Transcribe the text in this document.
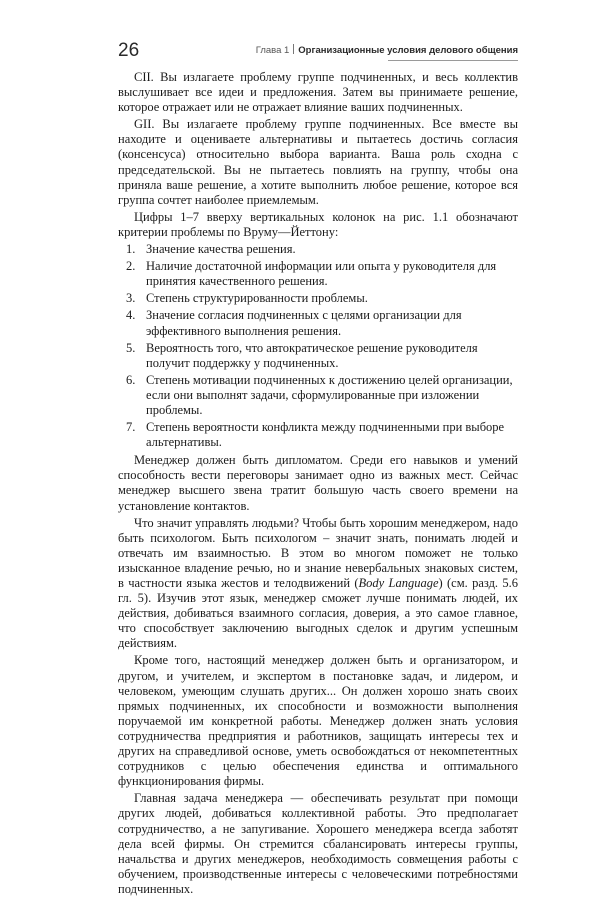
26	Глава 1 Организационные условия делового общения

CII. Вы излагаете проблему группе подчиненных, и весь коллектив выслушивает все идеи и предложения. Затем вы принимаете решение, которое отражает или не отражает влияние ваших подчиненных.

GII. Вы излагаете проблему группе подчиненных. Все вместе вы находите и оцениваете альтернативы и пытаетесь достичь согласия (консенсуса) относительно выбора варианта. Ваша роль сходна с председательской. Вы не пытаетесь повлиять на группу, чтобы она приняла ваше решение, а хотите выполнить любое решение, которое вся группа сочтет наиболее приемлемым.

Цифры 1–7 вверху вертикальных колонок на рис. 1.1 обозначают критерии проблемы по Вруму—Йеттону:

1. Значение качества решения.
2. Наличие достаточной информации или опыта у руководителя для принятия качественного решения.
3. Степень структурированности проблемы.
4. Значение согласия подчиненных с целями организации для эффективного выполнения решения.
5. Вероятность того, что автократическое решение руководителя получит поддержку у подчиненных.
6. Степень мотивации подчиненных к достижению целей организации, если они выполнят задачи, сформулированные при изложении проблемы.
7. Степень вероятности конфликта между подчиненными при выборе альтернативы.

Менеджер должен быть дипломатом. Среди его навыков и умений способность вести переговоры занимает одно из важных мест. Сейчас менеджер высшего звена тратит большую часть своего времени на установление контактов.

Что значит управлять людьми? Чтобы быть хорошим менеджером, надо быть психологом. Быть психологом – значит знать, понимать людей и отвечать им взаимностью. В этом во многом поможет не только изысканное владение речью, но и знание невербальных знаковых систем, в частности языка жестов и телодвижений (Body Language) (см. разд. 5.6 гл. 5). Изучив этот язык, менеджер сможет лучше понимать людей, их действия, добиваться взаимного согласия, доверия, а это самое главное, что способствует заключению выгодных сделок и другим успешным действиям.

Кроме того, настоящий менеджер должен быть и организатором, и другом, и учителем, и экспертом в постановке задач, и лидером, и человеком, умеющим слушать других... Он должен хорошо знать своих прямых подчиненных, их способности и возможности выполнения поручаемой им конкретной работы. Менеджер должен знать условия сотрудничества предприятия и работников, защищать интересы тех и других на справедливой основе, уметь освобождаться от некомпетентных сотрудников с целью обеспечения единства и оптимального функционирования фирмы.

Главная задача менеджера — обеспечивать результат при помощи других людей, добиваться коллективной работы. Это предполагает сотрудничество, а не запугивание. Хорошего менеджера всегда заботят дела всей фирмы. Он стремится сбалансировать интересы группы, начальства и других менеджеров, необходимость совмещения работы с обучением, производственные интересы с человеческими потребностями подчиненных.
